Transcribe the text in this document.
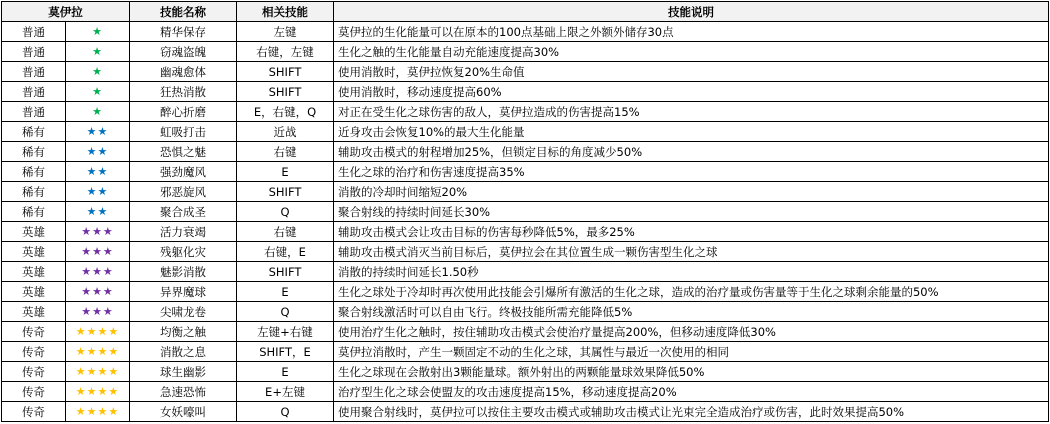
莫伊拉		技能名称	相关技能	技能说明
普通	★	精华保存	左键	莫伊拉的生化能量可以在原本的100点基础上限之外额外储存30点
普通	★	窃魂盗魄	右键，左键	生化之触的生化能量自动充能速度提高30%
普通	★	幽魂愈体	SHIFT	使用消散时，莫伊拉恢复20%生命值
普通	★	狂热消散	SHIFT	使用消散时，移动速度提高60%
普通	★	醉心折磨	E，右键，Q	对正在受生化之球伤害的敌人，莫伊拉造成的伤害提高15%
稀有	★★	虹吸打击	近战	近身攻击会恢复10%的最大生化能量
稀有	★★	恐惧之魅	右键	辅助攻击模式的射程增加25%，但锁定目标的角度减少50%
稀有	★★	强劲魔风	E	生化之球的治疗和伤害速度提高35%
稀有	★★	邪恶旋风	SHIFT	消散的冷却时间缩短20%
稀有	★★	聚合成圣	Q	聚合射线的持续时间延长30%
英雄	★★★	活力衰竭	右键	辅助攻击模式会让攻击目标的伤害每秒降低5%，最多25%
英雄	★★★	残躯化灾	右键，E	辅助攻击模式消灭当前目标后，莫伊拉会在其位置生成一颗伤害型生化之球
英雄	★★★	魅影消散	SHIFT	消散的持续时间延长1.50秒
英雄	★★★	异界魔球	E	生化之球处于冷却时再次使用此技能会引爆所有激活的生化之球，造成的治疗量或伤害量等于生化之球剩余能量的50%
英雄	★★★	尖啸龙卷	Q	聚合射线激活时可以自由飞行。终极技能所需充能降低5%
传奇	★★★★	均衡之触	左键+右键	使用治疗生化之触时，按住辅助攻击模式会使治疗量提高200%，但移动速度降低30%
传奇	★★★★	消散之息	SHIFT，E	莫伊拉消散时，产生一颗固定不动的生化之球，其属性与最近一次使用的相同
传奇	★★★★	球生幽影	E	生化之球现在会散射出3颗能量球。额外射出的两颗能量球效果降低50%
传奇	★★★★	急速恐怖	E+左键	治疗型生化之球会使盟友的攻击速度提高15%，移动速度提高20%
传奇	★★★★	女妖嚎叫	Q	使用聚合射线时，莫伊拉可以按住主要攻击模式或辅助攻击模式让光束完全造成治疗或伤害，此时效果提高50%
